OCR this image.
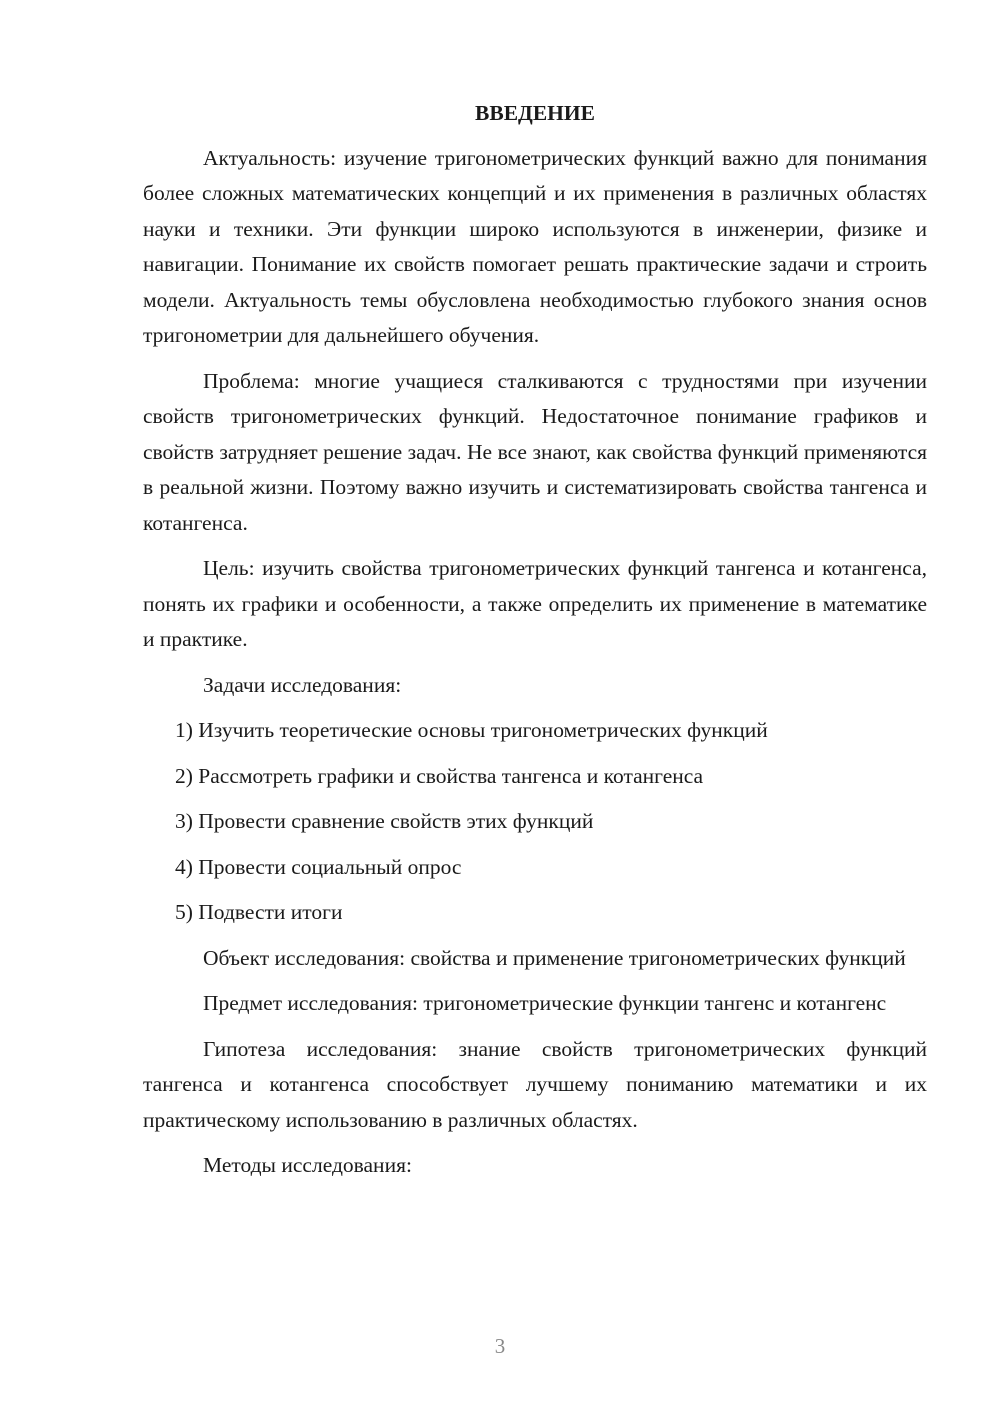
ВВЕДЕНИЕ

Актуальность: изучение тригонометрических функций важно для понимания более сложных математических концепций и их применения в различных областях науки и техники. Эти функции широко используются в инженерии, физике и навигации. Понимание их свойств помогает решать практические задачи и строить модели. Актуальность темы обусловлена необходимостью глубокого знания основ тригонометрии для дальнейшего обучения.

Проблема: многие учащиеся сталкиваются с трудностями при изучении свойств тригонометрических функций. Недостаточное понимание графиков и свойств затрудняет решение задач. Не все знают, как свойства функций применяются в реальной жизни. Поэтому важно изучить и систематизировать свойства тангенса и котангенса.

Цель: изучить свойства тригонометрических функций тангенса и котангенса, понять их графики и особенности, а также определить их применение в математике и практике.

Задачи исследования:

1) Изучить теоретические основы тригонометрических функций
2) Рассмотреть графики и свойства тангенса и котангенса
3) Провести сравнение свойств этих функций
4) Провести социальный опрос
5) Подвести итоги

Объект исследования: свойства и применение тригонометрических функций

Предмет исследования: тригонометрические функции тангенс и котангенс

Гипотеза исследования: знание свойств тригонометрических функций тангенса и котангенса способствует лучшему пониманию математики и их практическому использованию в различных областях.

Методы исследования:

3
